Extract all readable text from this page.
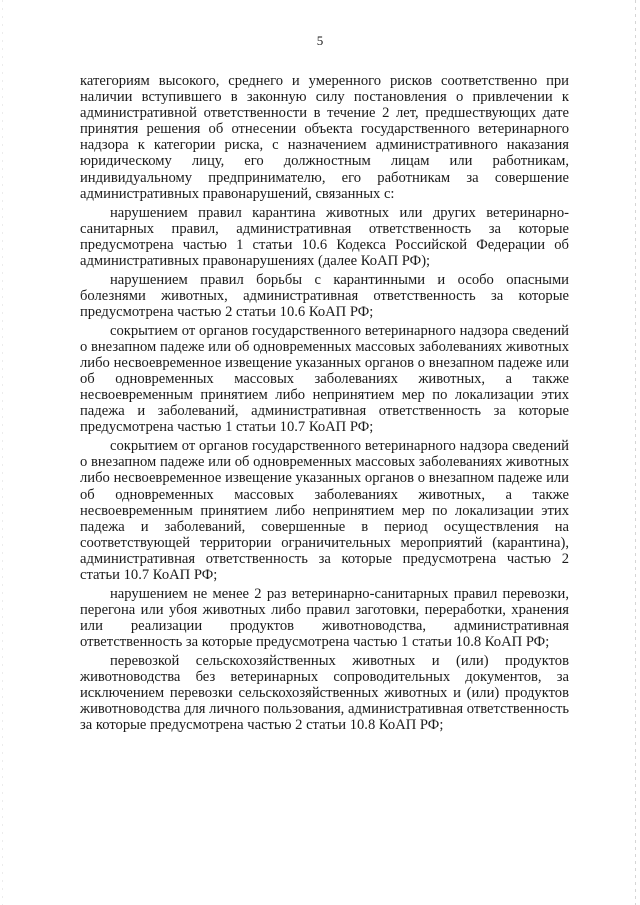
5

категориям высокого, среднего и умеренного рисков соответственно при наличии вступившего в законную силу постановления о привлечении к административной ответственности в течение 2 лет, предшествующих дате принятия решения об отнесении объекта государственного ветеринарного надзора к категории риска, с назначением административного наказания юридическому лицу, его должностным лицам или работникам, индивидуальному предпринимателю, его работникам за совершение административных правонарушений, связанных с:

нарушением правил карантина животных или других ветеринарно-санитарных правил, административная ответственность за которые предусмотрена частью 1 статьи 10.6 Кодекса Российской Федерации об административных правонарушениях (далее КоАП РФ);

нарушением правил борьбы с карантинными и особо опасными болезнями животных, административная ответственность за которые предусмотрена частью 2 статьи 10.6 КоАП РФ;

сокрытием от органов государственного ветеринарного надзора сведений о внезапном падеже или об одновременных массовых заболеваниях животных либо несвоевременное извещение указанных органов о внезапном падеже или об одновременных массовых заболеваниях животных, а также несвоевременным принятием либо непринятием мер по локализации этих падежа и заболеваний, административная ответственность за которые предусмотрена частью 1 статьи 10.7 КоАП РФ;

сокрытием от органов государственного ветеринарного надзора сведений о внезапном падеже или об одновременных массовых заболеваниях животных либо несвоевременное извещение указанных органов о внезапном падеже или об одновременных массовых заболеваниях животных, а также несвоевременным принятием либо непринятием мер по локализации этих падежа и заболеваний, совершенные в период осуществления на соответствующей территории ограничительных мероприятий (карантина), административная ответственность за которые предусмотрена частью 2 статьи 10.7 КоАП РФ;

нарушением не менее 2 раз ветеринарно-санитарных правил перевозки, перегона или убоя животных либо правил заготовки, переработки, хранения или реализации продуктов животноводства, административная ответственность за которые предусмотрена частью 1 статьи 10.8 КоАП РФ;

перевозкой сельскохозяйственных животных и (или) продуктов животноводства без ветеринарных сопроводительных документов, за исключением перевозки сельскохозяйственных животных и (или) продуктов животноводства для личного пользования, административная ответственность за которые предусмотрена частью 2 статьи 10.8 КоАП РФ;
